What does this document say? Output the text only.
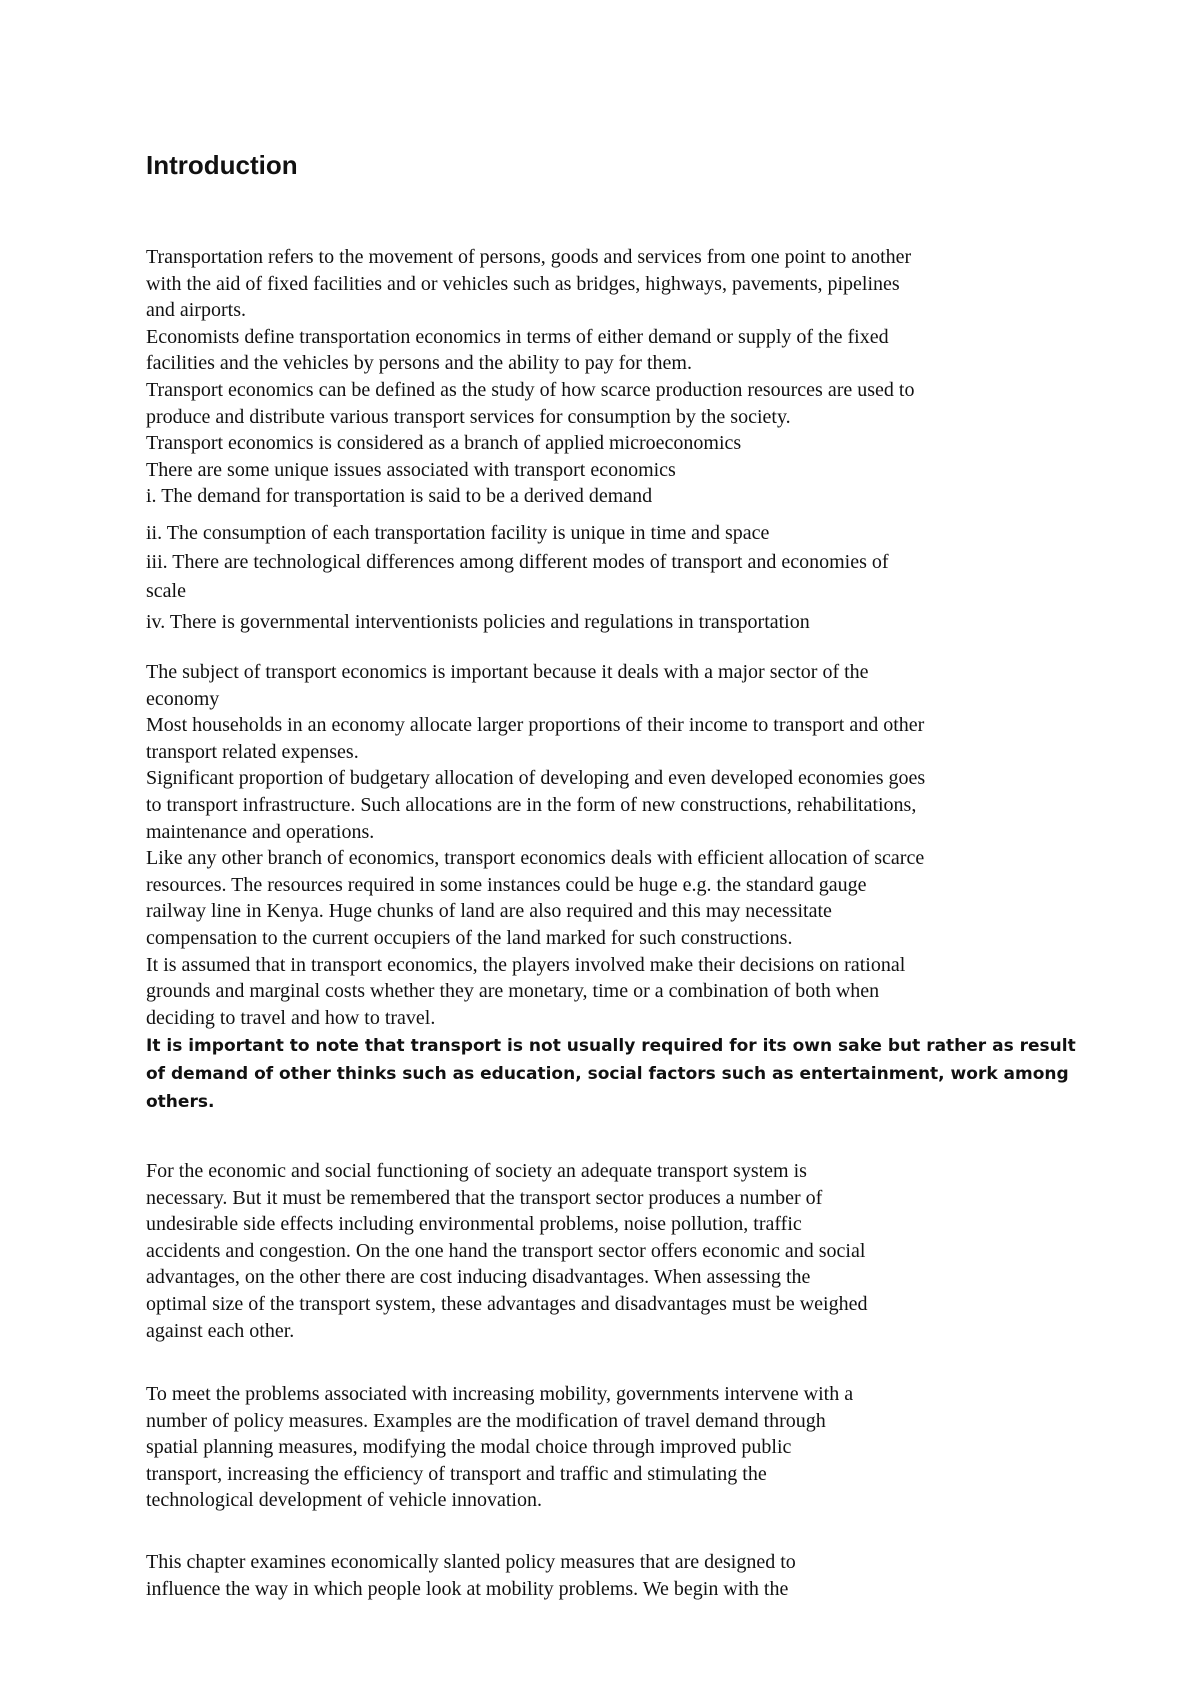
Introduction
Transportation refers to the movement of persons, goods and services from one point to another
with the aid of fixed facilities and or vehicles such as bridges, highways, pavements, pipelines
and airports.
Economists define transportation economics in terms of either demand or supply of the fixed
facilities and the vehicles by persons and the ability to pay for them.
Transport economics can be defined as the study of how scarce production resources are used to
produce and distribute various transport services for consumption by the society.
Transport economics is considered as a branch of applied microeconomics
There are some unique issues associated with transport economics
i. The demand for transportation is said to be a derived demand
ii. The consumption of each transportation facility is unique in time and space
iii. There are technological differences among different modes of transport and economies of
scale
iv. There is governmental interventionists policies and regulations in transportation
The subject of transport economics is important because it deals with a major sector of the
economy
Most households in an economy allocate larger proportions of their income to transport and other
transport related expenses.
Significant proportion of budgetary allocation of developing and even developed economies goes
to transport infrastructure. Such allocations are in the form of new constructions, rehabilitations,
maintenance and operations.
Like any other branch of economics, transport economics deals with efficient allocation of scarce
resources. The resources required in some instances could be huge e.g. the standard gauge
railway line in Kenya. Huge chunks of land are also required and this may necessitate
compensation to the current occupiers of the land marked for such constructions.
It is assumed that in transport economics, the players involved make their decisions on rational
grounds and marginal costs whether they are monetary, time or a combination of both when
deciding to travel and how to travel.
It is important to note that transport is not usually required for its own sake but rather as result
of demand of other thinks such as education, social factors such as entertainment, work among
others.
For the economic and social functioning of society an adequate transport system is
necessary. But it must be remembered that the transport sector produces a number of
undesirable side effects including environmental problems, noise pollution, traffic
accidents and congestion. On the one hand the transport sector offers economic and social
advantages, on the other there are cost inducing disadvantages. When assessing the
optimal size of the transport system, these advantages and disadvantages must be weighed
against each other.
To meet the problems associated with increasing mobility, governments intervene with a
number of policy measures. Examples are the modification of travel demand through
spatial planning measures, modifying the modal choice through improved public
transport, increasing the efficiency of transport and traffic and stimulating the
technological development of vehicle innovation.
This chapter examines economically slanted policy measures that are designed to
influence the way in which people look at mobility problems. We begin with the
